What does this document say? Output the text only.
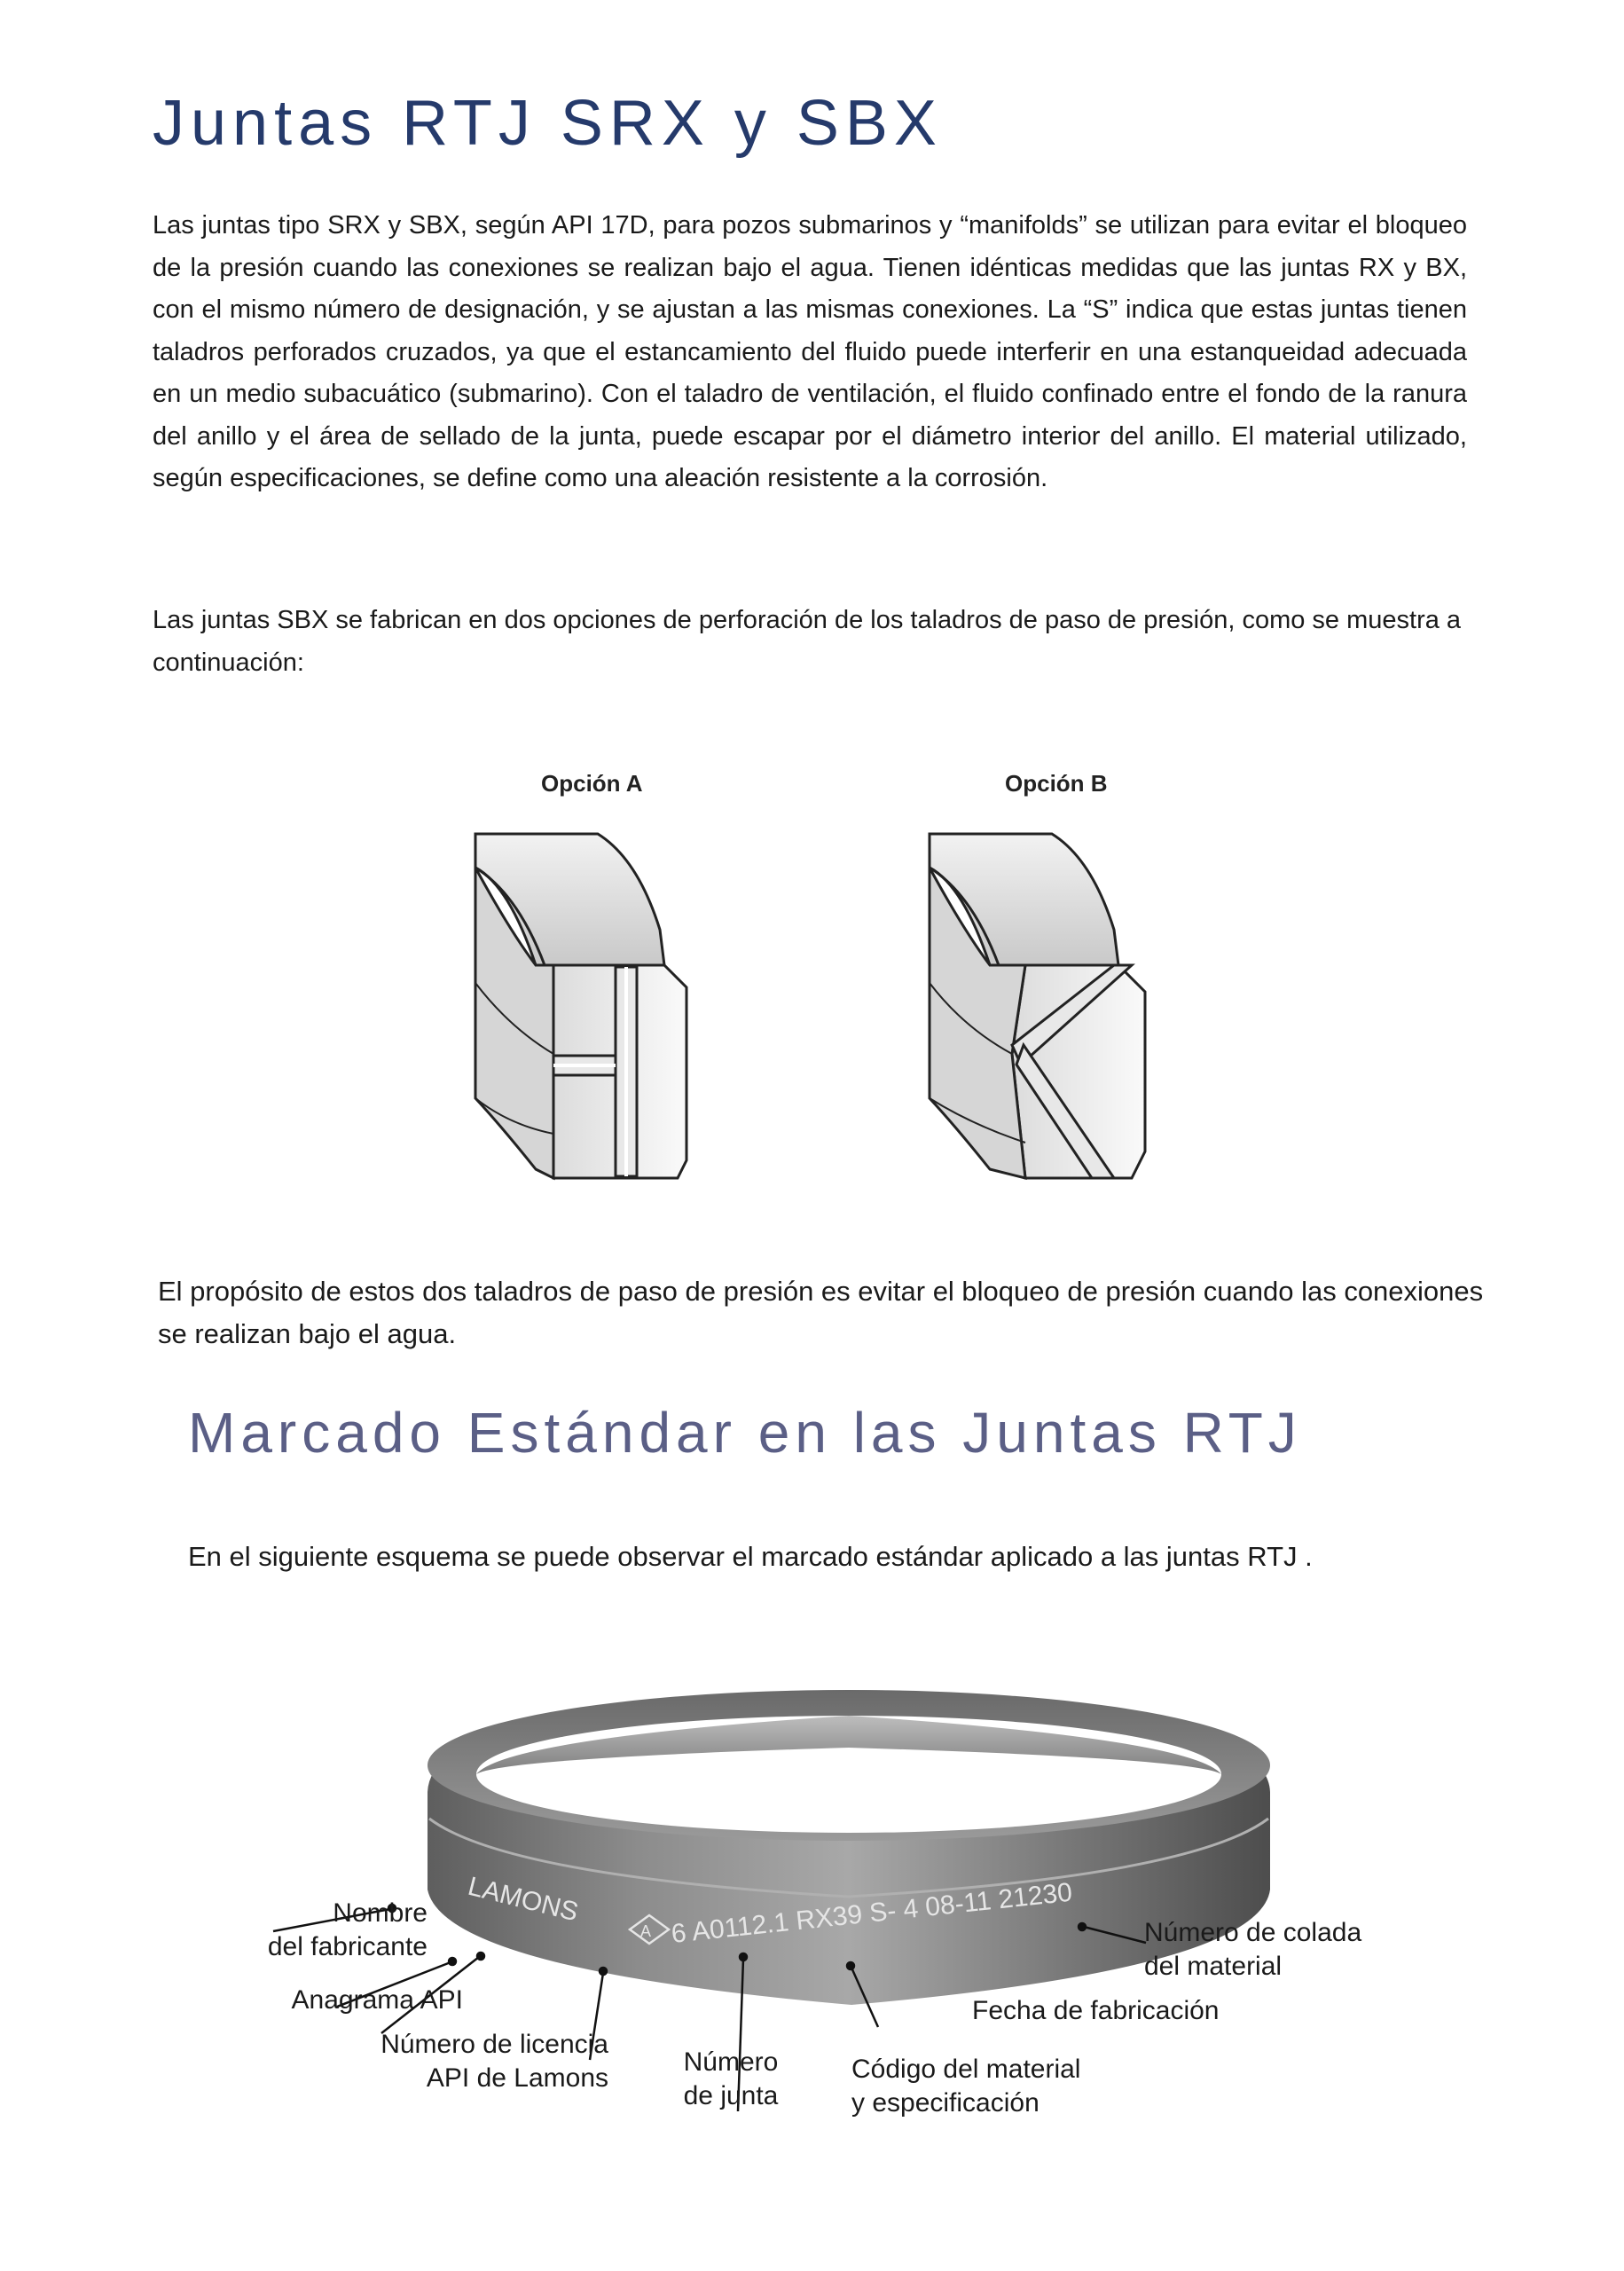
Juntas RTJ SRX y SBX

Las juntas tipo SRX y SBX, según API 17D, para pozos submarinos y “manifolds” se utilizan para evitar el bloqueo de la presión cuando las conexiones se realizan bajo el agua. Tienen idénticas medidas que las juntas RX y BX, con el mismo número de designación, y se ajustan a las mismas conexiones. La “S” indica que estas juntas tienen taladros perforados cruzados, ya que el estancamiento del fluido puede interferir en una estanqueidad adecuada en un medio subacuático (submarino). Con el taladro de ventilación, el fluido confinado entre el fondo de la ranura del anillo y el área de sellado de la junta, puede escapar por el diámetro interior del anillo. El material utilizado, según especificaciones, se define como una aleación resistente a la corrosión.

Las juntas SBX se fabrican en dos opciones de perforación de los taladros de paso de presión, como se muestra a continuación:

Opción A	Opción B

El propósito de estos dos taladros de paso de presión es evitar el bloqueo de presión cuando las conexiones se realizan bajo el agua.

Marcado Estándar en las Juntas RTJ

En el siguiente esquema se puede observar el marcado estándar aplicado a las juntas RTJ .

LAMONS
A 6 A0112.1 RX39 S- 4 08-11 21230
Nombre
del fabricante
Anagrama API
Número de licencia
API de Lamons
Número
de junta
Código del material
y especificación
Fecha de fabricación
Número de colada
del material
